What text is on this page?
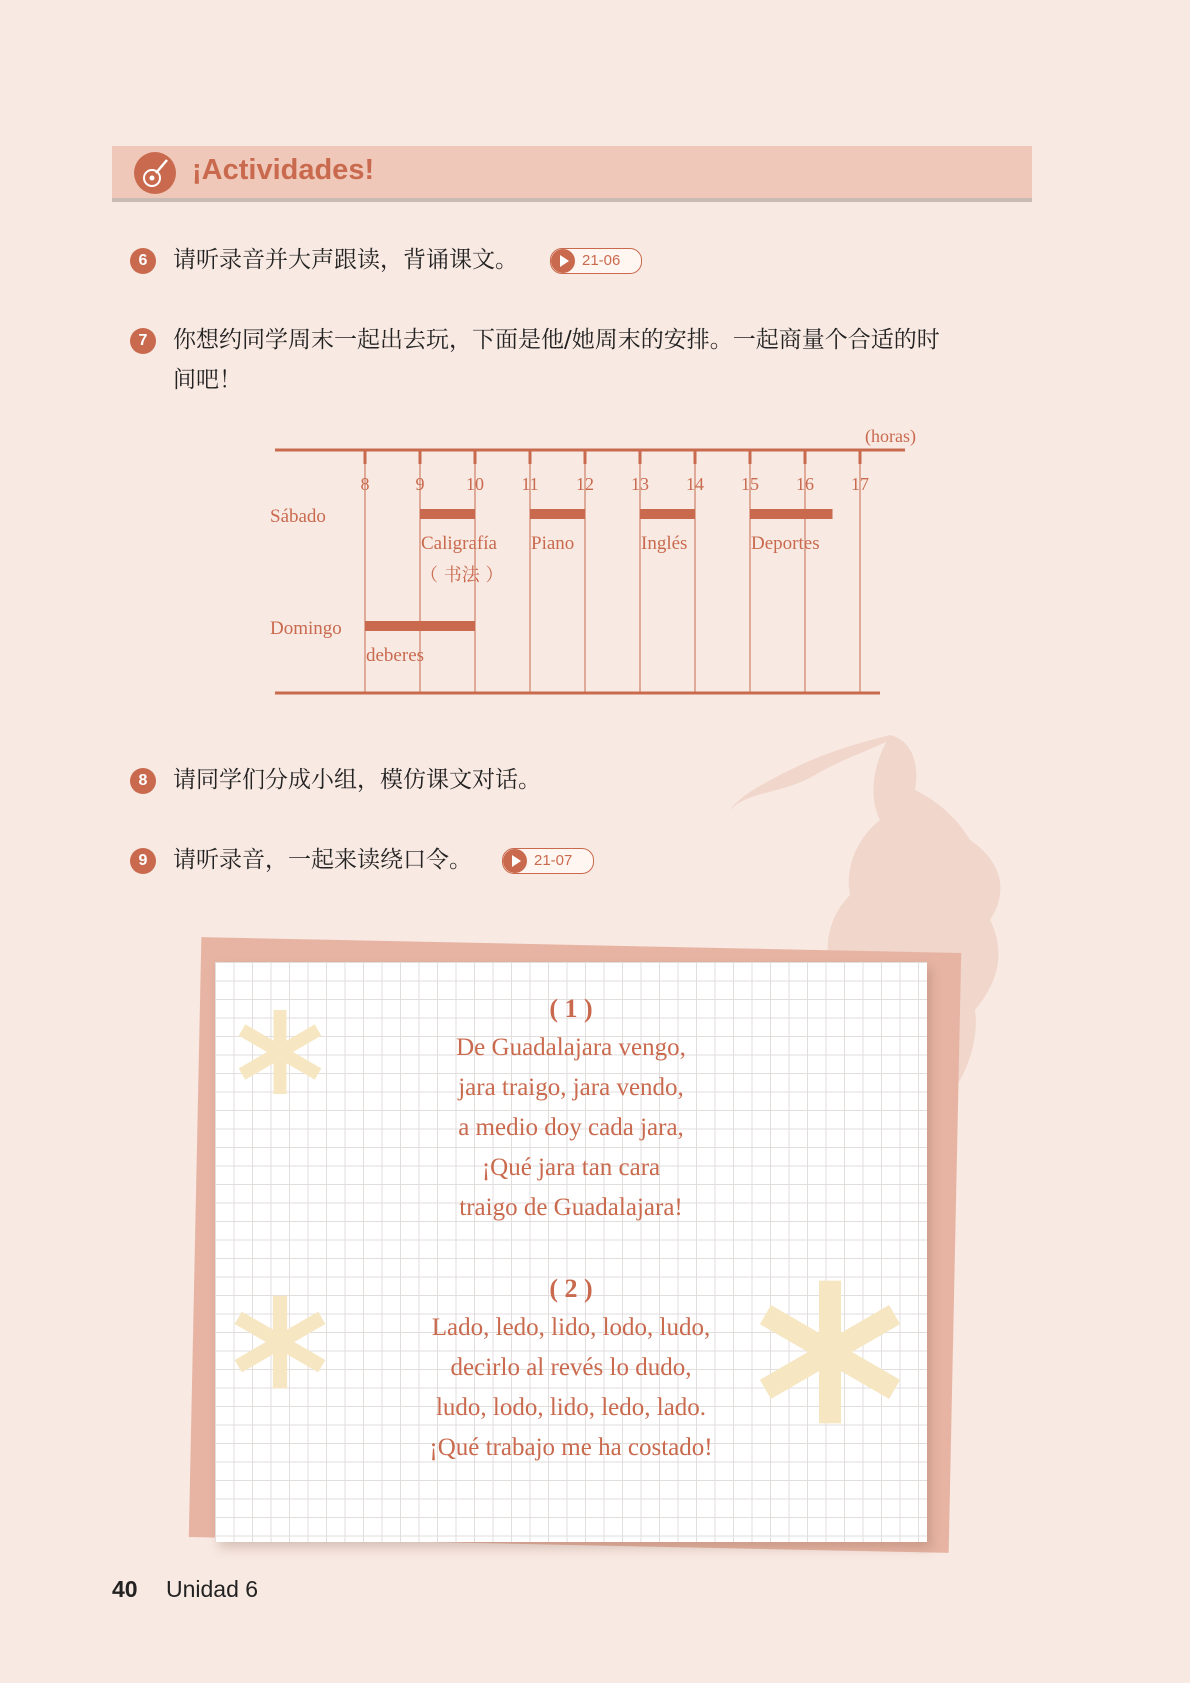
¡Actividades!
6	请听录音并大声跟读，背诵课文。	21-06
7	你想约同学周末一起出去玩，下面是他/她周末的安排。一起商量个合适的时
间吧！
(horas)
8	9 10 11 12 13 14 15 16 17
Sábado
Caligrafía
（ 书法 ）
Piano	Inglés	Deportes
Domingo
deberes
8	请同学们分成小组，模仿课文对话。
9	请听录音，一起来读绕口令。	21-07
( 1 )
De Guadalajara vengo,
jara traigo, jara vendo,
a medio doy cada jara,
¡Qué jara tan cara
traigo de Guadalajara!
( 2 )
Lado, ledo, lido, lodo, ludo,
decirlo al revés lo dudo,
ludo, lodo, lido, ledo, lado.
¡Qué trabajo me ha costado!
40 Unidad 6
